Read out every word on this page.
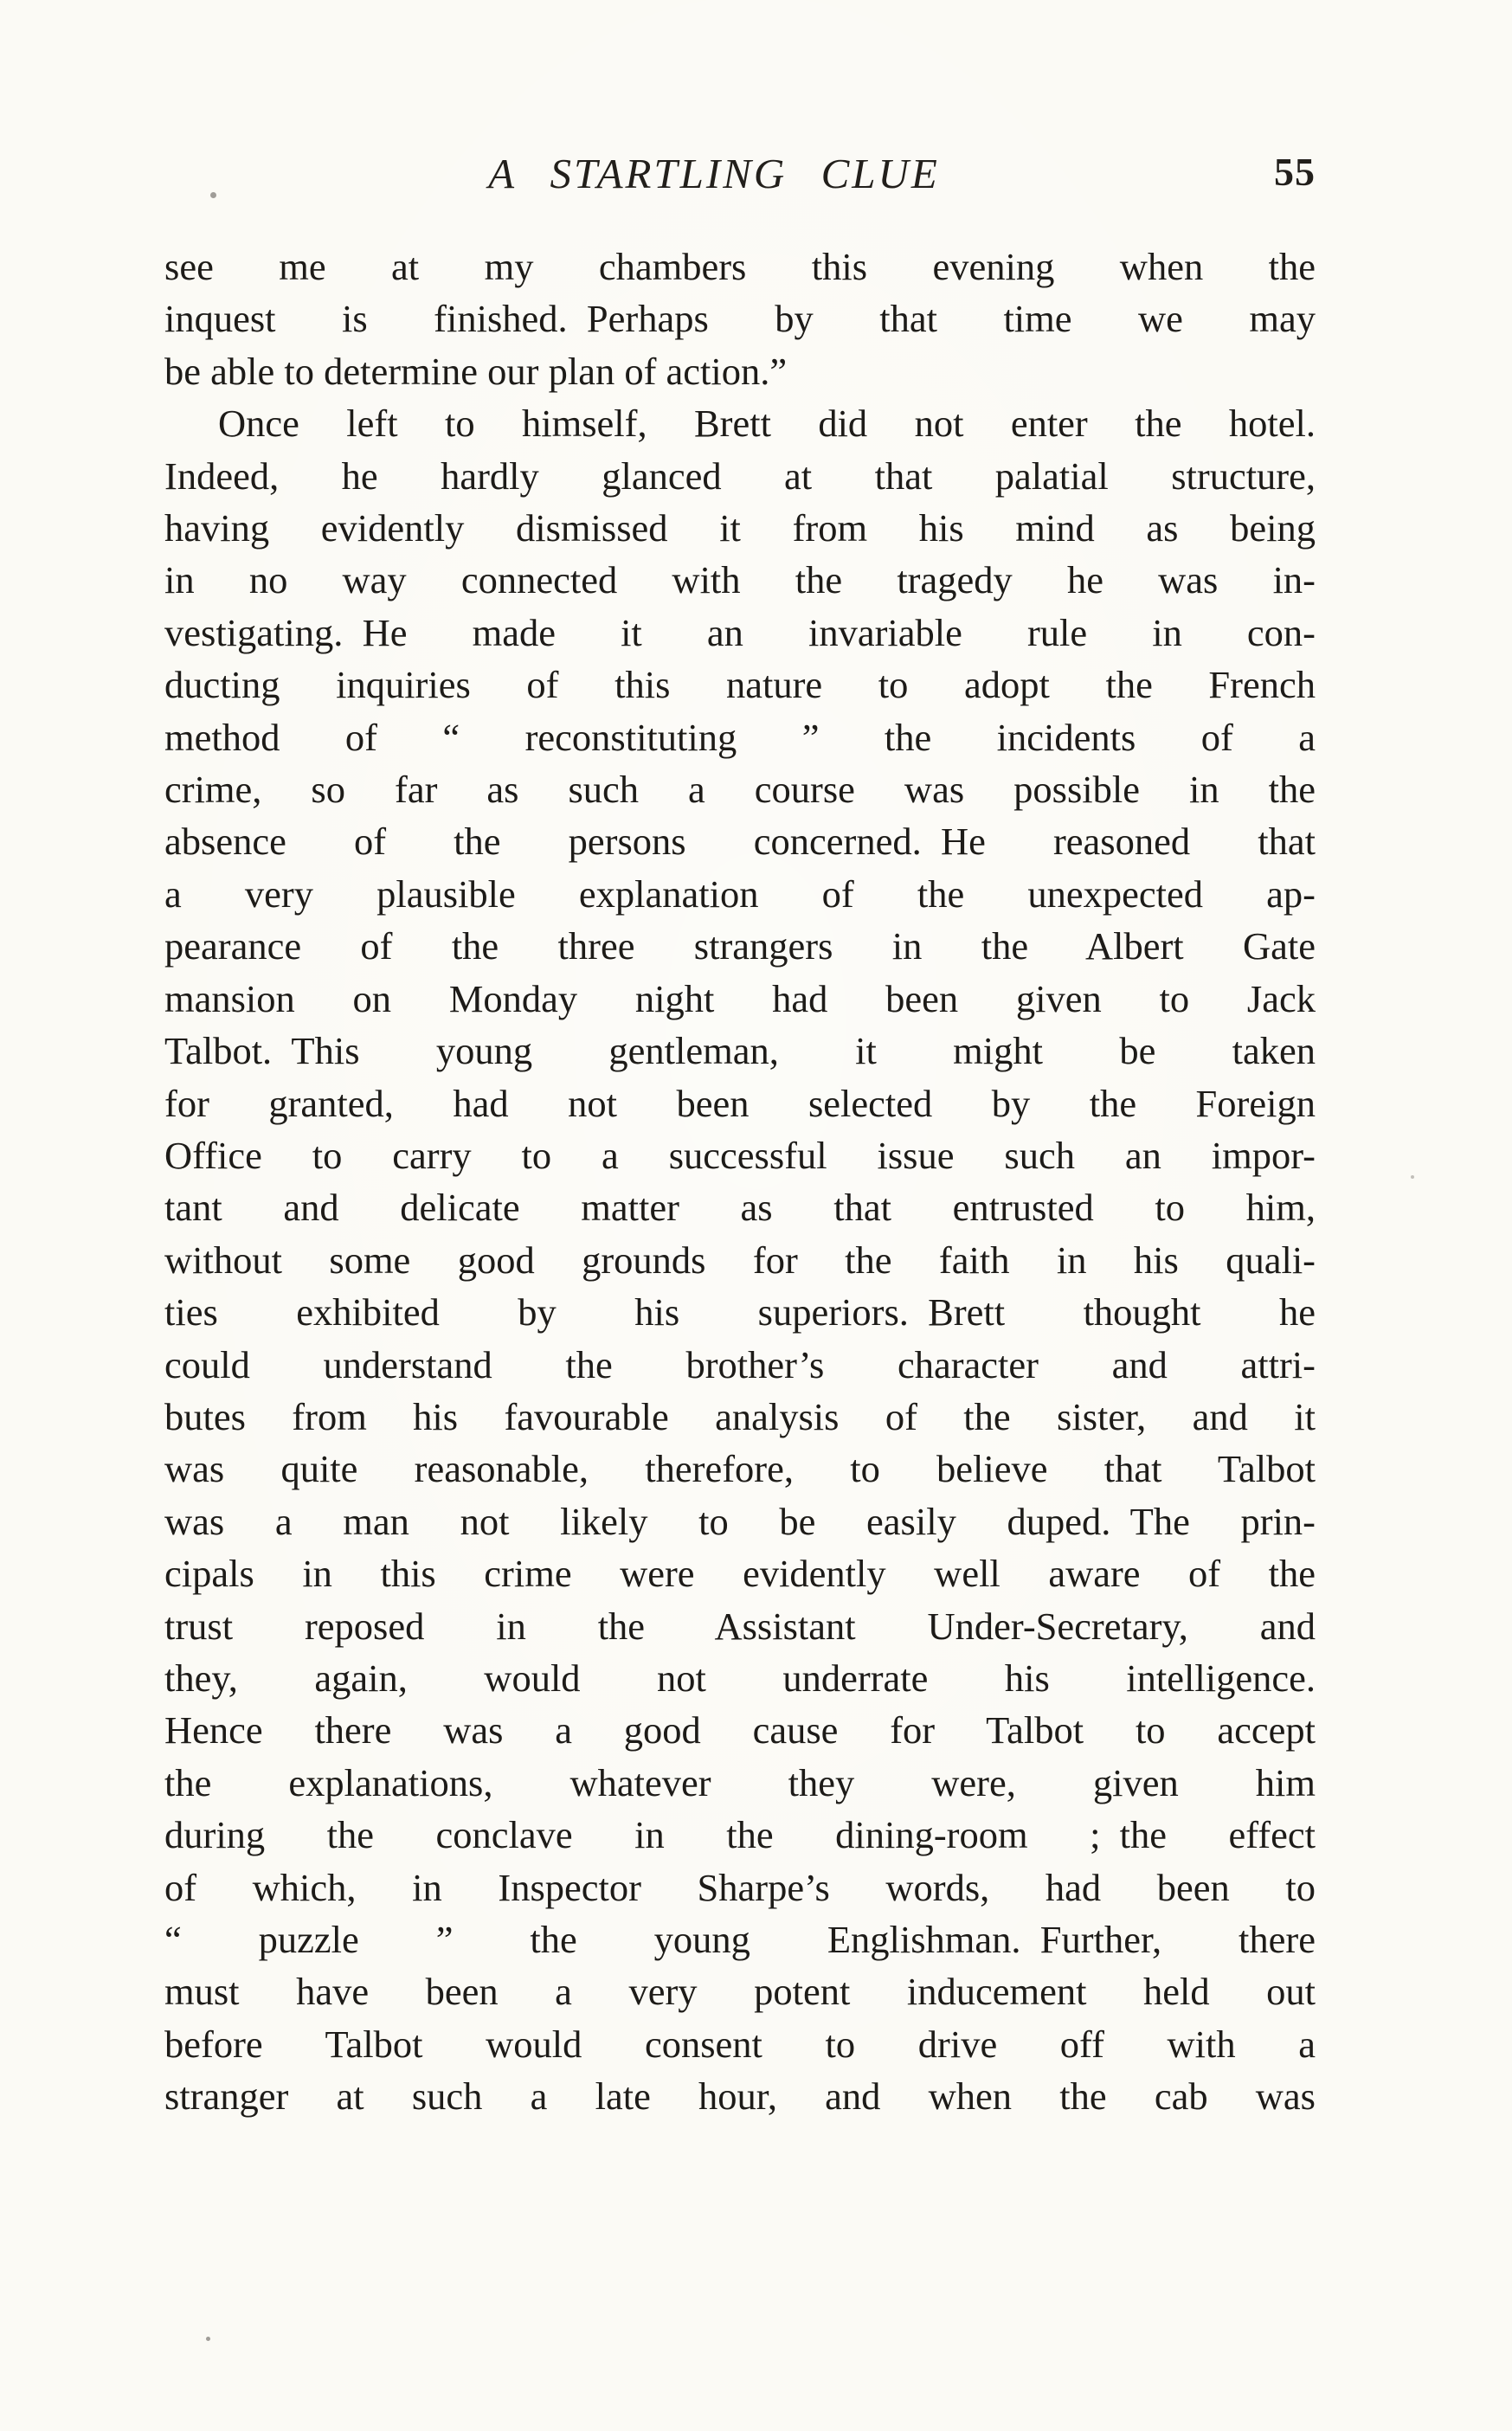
A STARTLING CLUE	55
see me at my chambers this evening when the
inquest is finished. Perhaps by that time we may
be able to determine our plan of action.”
Once left to himself, Brett did not enter the hotel.
Indeed, he hardly glanced at that palatial structure,
having evidently dismissed it from his mind as being
in no way connected with the tragedy he was in-
vestigating. He made it an invariable rule in con-
ducting inquiries of this nature to adopt the French
method of “ reconstituting ” the incidents of a
crime, so far as such a course was possible in the
absence of the persons concerned. He reasoned that
a very plausible explanation of the unexpected ap-
pearance of the three strangers in the Albert Gate
mansion on Monday night had been given to Jack
Talbot. This young gentleman, it might be taken
for granted, had not been selected by the Foreign
Office to carry to a successful issue such an impor-
tant and delicate matter as that entrusted to him,
without some good grounds for the faith in his quali-
ties exhibited by his superiors. Brett thought he
could understand the brother’s character and attri-
butes from his favourable analysis of the sister, and it
was quite reasonable, therefore, to believe that Talbot
was a man not likely to be easily duped. The prin-
cipals in this crime were evidently well aware of the
trust reposed in the Assistant Under-Secretary, and
they, again, would not underrate his intelligence.
Hence there was a good cause for Talbot to accept
the explanations, whatever they were, given him
during the conclave in the dining-room ; the effect
of which, in Inspector Sharpe’s words, had been to
“ puzzle ” the young Englishman. Further, there
must have been a very potent inducement held out
before Talbot would consent to drive off with a
stranger at such a late hour, and when the cab was
